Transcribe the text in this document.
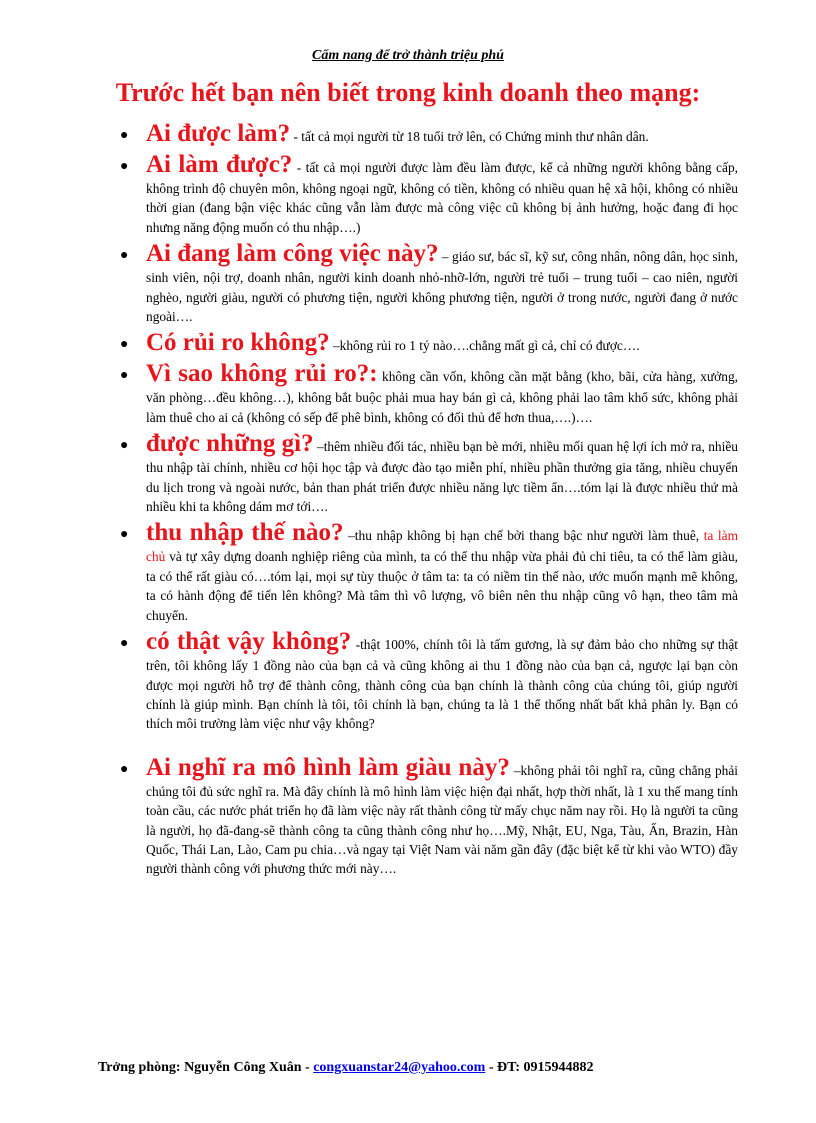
Cẩm nang để trở thành triệu phú
Trước hết bạn nên biết trong kinh doanh theo mạng:
● Ai được làm? - tất cả mọi người từ 18 tuổi trở lên, có Chứng minh thư nhân dân.
● Ai làm được? - tất cả mọi người được làm đều làm được, kể cả những người không bằng cấp, không trình độ chuyên môn, không ngoại ngữ, không có tiền, không có nhiều quan hệ xã hội, không có nhiều thời gian (đang bận việc khác cũng vẫn làm được mà công việc cũ không bị ảnh hưởng, hoặc đang đi học nhưng năng động muốn có thu nhập….)
● Ai đang làm công việc này? – giáo sư, bác sĩ, kỹ sư, công nhân, nông dân, học sinh, sinh viên, nội trợ, doanh nhân, người kinh doanh nhỏ-nhỡ-lớn, người trẻ tuổi – trung tuổi – cao niên, người nghèo, người giàu, người có phương tiện, người không phương tiện, người ở trong nước, người đang ở nước ngoài….
● Có rủi ro không? –không rủi ro 1 tý nào….chẳng mất gì cả, chỉ có được….
● Vì sao không rủi ro?: không cần vốn, không cần mặt bằng (kho, bãi, cửa hàng, xưởng, văn phòng…đều không…), không bắt buộc phải mua hay bán gì cả, không phải lao tâm khổ sức, không phải làm thuê cho ai cả (không có sếp để phê bình, không có đối thủ để hơn thua,….)….
● được những gì? –thêm nhiều đối tác, nhiều bạn bè mới, nhiều mối quan hệ lợi ích mở ra, nhiều thu nhập tài chính, nhiều cơ hội học tập và được đào tạo miễn phí, nhiều phần thưởng gia tăng, nhiều chuyến du lịch trong và ngoài nước, bản than phát triển được nhiều năng lực tiềm ẩn….tóm lại là được nhiều thứ mà nhiều khi ta không dám mơ tới….
● thu nhập thế nào? –thu nhập không bị hạn chế bởi thang bậc như người làm thuê, ta làm chủ và tự xây dựng doanh nghiệp riêng của mình, ta có thể thu nhập vừa phải đủ chi tiêu, ta có thể làm giàu, ta có thể rất giàu có….tóm lại, mọi sự tùy thuộc ở tâm ta: ta có niềm tin thế nào, ước muốn mạnh mẽ không, ta có hành động để tiến lên không? Mà tâm thì vô lượng, vô biên nên thu nhập cũng vô hạn, theo tâm mà chuyển.
● có thật vậy không? -thật 100%, chính tôi là tấm gương, là sự đảm bảo cho những sự thật trên, tôi không lấy 1 đồng nào của bạn cả và cũng không ai thu 1 đồng nào của bạn cả, ngược lại bạn còn được mọi người hỗ trợ để thành công, thành công của bạn chính là thành công của chúng tôi, giúp người chính là giúp mình. Bạn chính là tôi, tôi chính là bạn, chúng ta là 1 thể thống nhất bất khả phân ly. Bạn có thích môi trường làm việc như vậy không?
● Ai nghĩ ra mô hình làm giàu này? –không phải tôi nghĩ ra, cũng chẳng phải chúng tôi đủ sức nghĩ ra. Mà đây chính là mô hình làm việc hiện đại nhất, hợp thời nhất, là 1 xu thế mang tính toàn cầu, các nước phát triển họ đã làm việc này rất thành công từ mấy chục năm nay rồi. Họ là người ta cũng là người, họ đã-đang-sẽ thành công ta cũng thành công như họ….Mỹ, Nhật, EU, Nga, Tàu, Ấn, Brazin, Hàn Quốc, Thái Lan, Lào, Cam pu chia…và ngay tại Việt Nam vài năm gần đây (đặc biệt kể từ khi vào WTO) đầy người thành công với phương thức mới này….
Trởng phòng: Nguyễn Công Xuân - congxuanstar24@yahoo.com - ĐT: 0915944882
